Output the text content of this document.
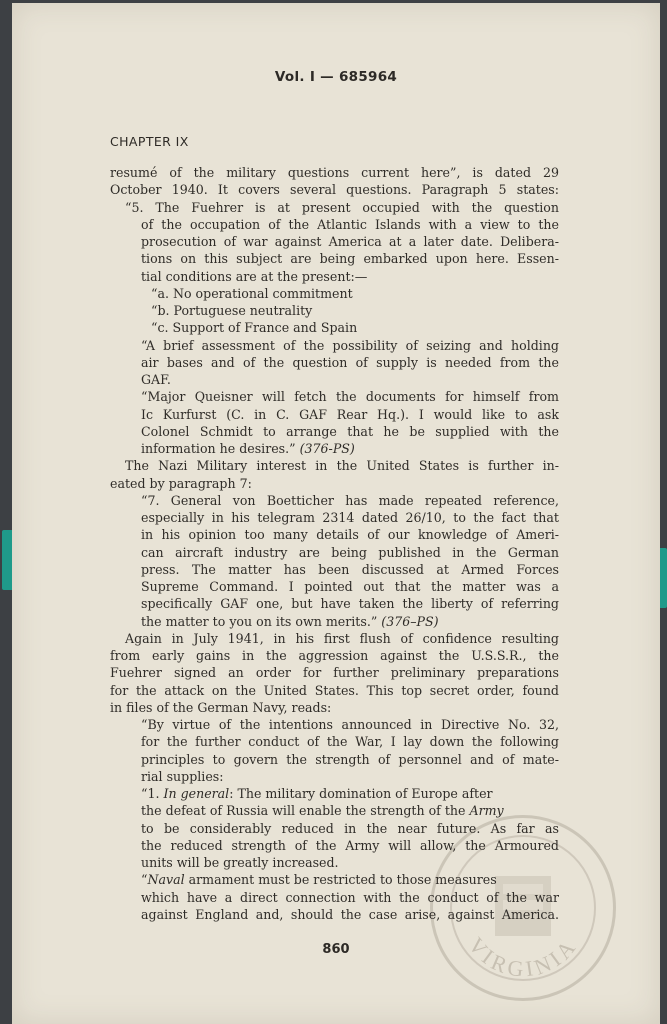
VIRGINIA
Vol. I — 685964
CHAPTER IX
resumé of the military questions current here”, is dated 29
October 1940. It covers several questions. Paragraph 5 states:
“5. The Fuehrer is at present occupied with the question
of the occupation of the Atlantic Islands with a view to the
prosecution of war against America at a later date. Delibera-
tions on this subject are being embarked upon here. Essen-
tial conditions are at the present:—
“a. No operational commitment
“b. Portuguese neutrality
“c. Support of France and Spain
“A brief assessment of the possibility of seizing and holding
air bases and of the question of supply is needed from the
GAF.
“Major Queisner will fetch the documents for himself from
Ic Kurfurst (C. in C. GAF Rear Hq.). I would like to ask
Colonel Schmidt to arrange that he be supplied with the
information he desires.” (376-PS)
The Nazi Military interest in the United States is further in-
eated by paragraph 7:
“7. General von Boetticher has made repeated reference,
especially in his telegram 2314 dated 26/10, to the fact that
in his opinion too many details of our knowledge of Ameri-
can aircraft industry are being published in the German
press. The matter has been discussed at Armed Forces
Supreme Command. I pointed out that the matter was a
specifically GAF one, but have taken the liberty of referring
the matter to you on its own merits.” (376–PS)
Again in July 1941, in his first flush of confidence resulting
from early gains in the aggression against the U.S.S.R., the
Fuehrer signed an order for further preliminary preparations
for the attack on the United States. This top secret order, found
in files of the German Navy, reads:
“By virtue of the intentions announced in Directive No. 32,
for the further conduct of the War, I lay down the following
principles to govern the strength of personnel and of mate-
rial supplies:
“1. In general: The military domination of Europe after
the defeat of Russia will enable the strength of the Army
to be considerably reduced in the near future. As far as
the reduced strength of the Army will allow, the Armoured
units will be greatly increased.
“Naval armament must be restricted to those measures
which have a direct connection with the conduct of the war
against England and, should the case arise, against America.
860
